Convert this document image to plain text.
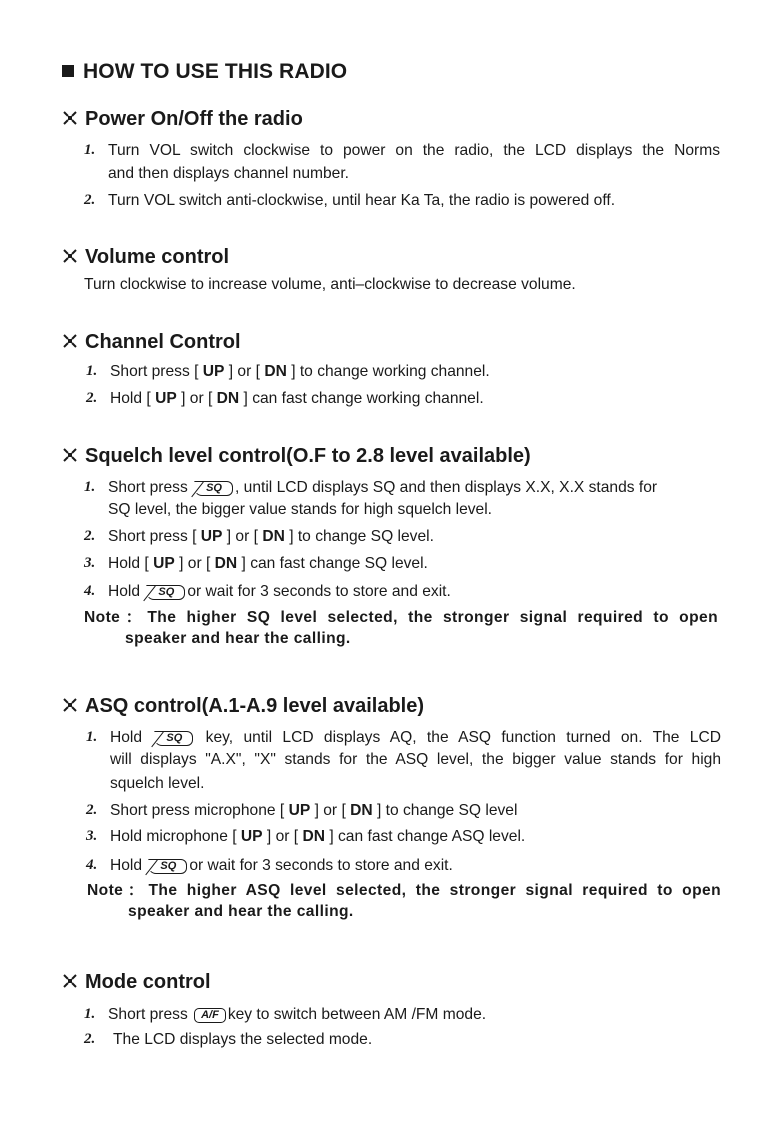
HOW TO USE THIS RADIO
Power On/Off the radio
1. Turn VOL switch clockwise to power on the radio, the LCD displays the Norms
and then displays channel number.
2. Turn VOL switch anti-clockwise, until hear Ka Ta, the radio is powered off.
Volume control
Turn clockwise to increase volume, anti–clockwise to decrease volume.
Channel Control
1. Short press [ UP ] or [ DN ] to change working channel.
2. Hold [ UP ] or [ DN ] can fast change working channel.
Squelch level control(O.F to 2.8 level available)
1. Short press SQ , until LCD displays SQ and then displays X.X, X.X stands for
SQ level, the bigger value stands for high squelch level.
2. Short press [ UP ] or [ DN ] to change SQ level.
3. Hold [ UP ] or [ DN ] can fast change SQ level.
4. Hold SQ or wait for 3 seconds to store and exit.
Note：The higher SQ level selected, the stronger signal required to open
speaker and hear the calling.
ASQ control(A.1-A.9 level available)
1. Hold SQ key, until LCD displays AQ, the ASQ function turned on. The LCD
will displays "A.X", "X" stands for the ASQ level, the bigger value stands for high
squelch level.
2. Short press microphone [ UP ] or [ DN ] to change SQ level
3. Hold microphone [ UP ] or [ DN ] can fast change ASQ level.
4. Hold SQ or wait for 3 seconds to store and exit.
Note：The higher ASQ level selected, the stronger signal required to open
speaker and hear the calling.
Mode control
1. Short press A/F key to switch between AM /FM mode.
2. The LCD displays the selected mode.
